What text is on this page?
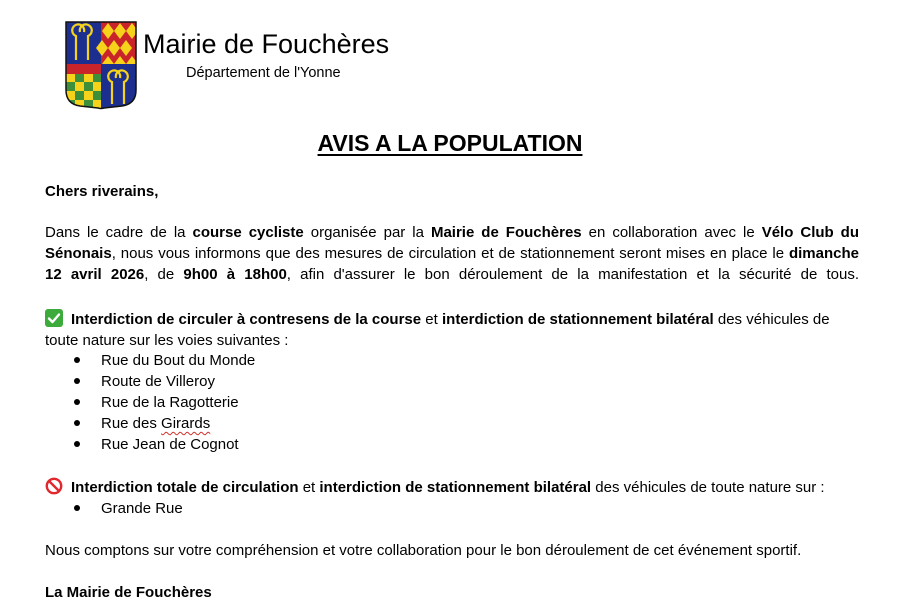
Mairie de Fouchères
Département de l'Yonne
AVIS A LA POPULATION
Chers riverains,
Dans le cadre de la course cycliste organisée par la Mairie de Fouchères en collaboration avec le Vélo Club du Sénonais, nous vous informons que des mesures de circulation et de stationnement seront mises en place le dimanche 12 avril 2026, de 9h00 à 18h00, afin d'assurer le bon déroulement de la manifestation et la sécurité de tous.
Interdiction de circuler à contresens de la course et interdiction de stationnement bilatéral des véhicules de toute nature sur les voies suivantes :
Rue du Bout du Monde
Route de Villeroy
Rue de la Ragotterie
Rue des Girards
Rue Jean de Cognot
Interdiction totale de circulation et interdiction de stationnement bilatéral des véhicules de toute nature sur :
Grande Rue
Nous comptons sur votre compréhension et votre collaboration pour le bon déroulement de cet événement sportif.
La Mairie de Fouchères
